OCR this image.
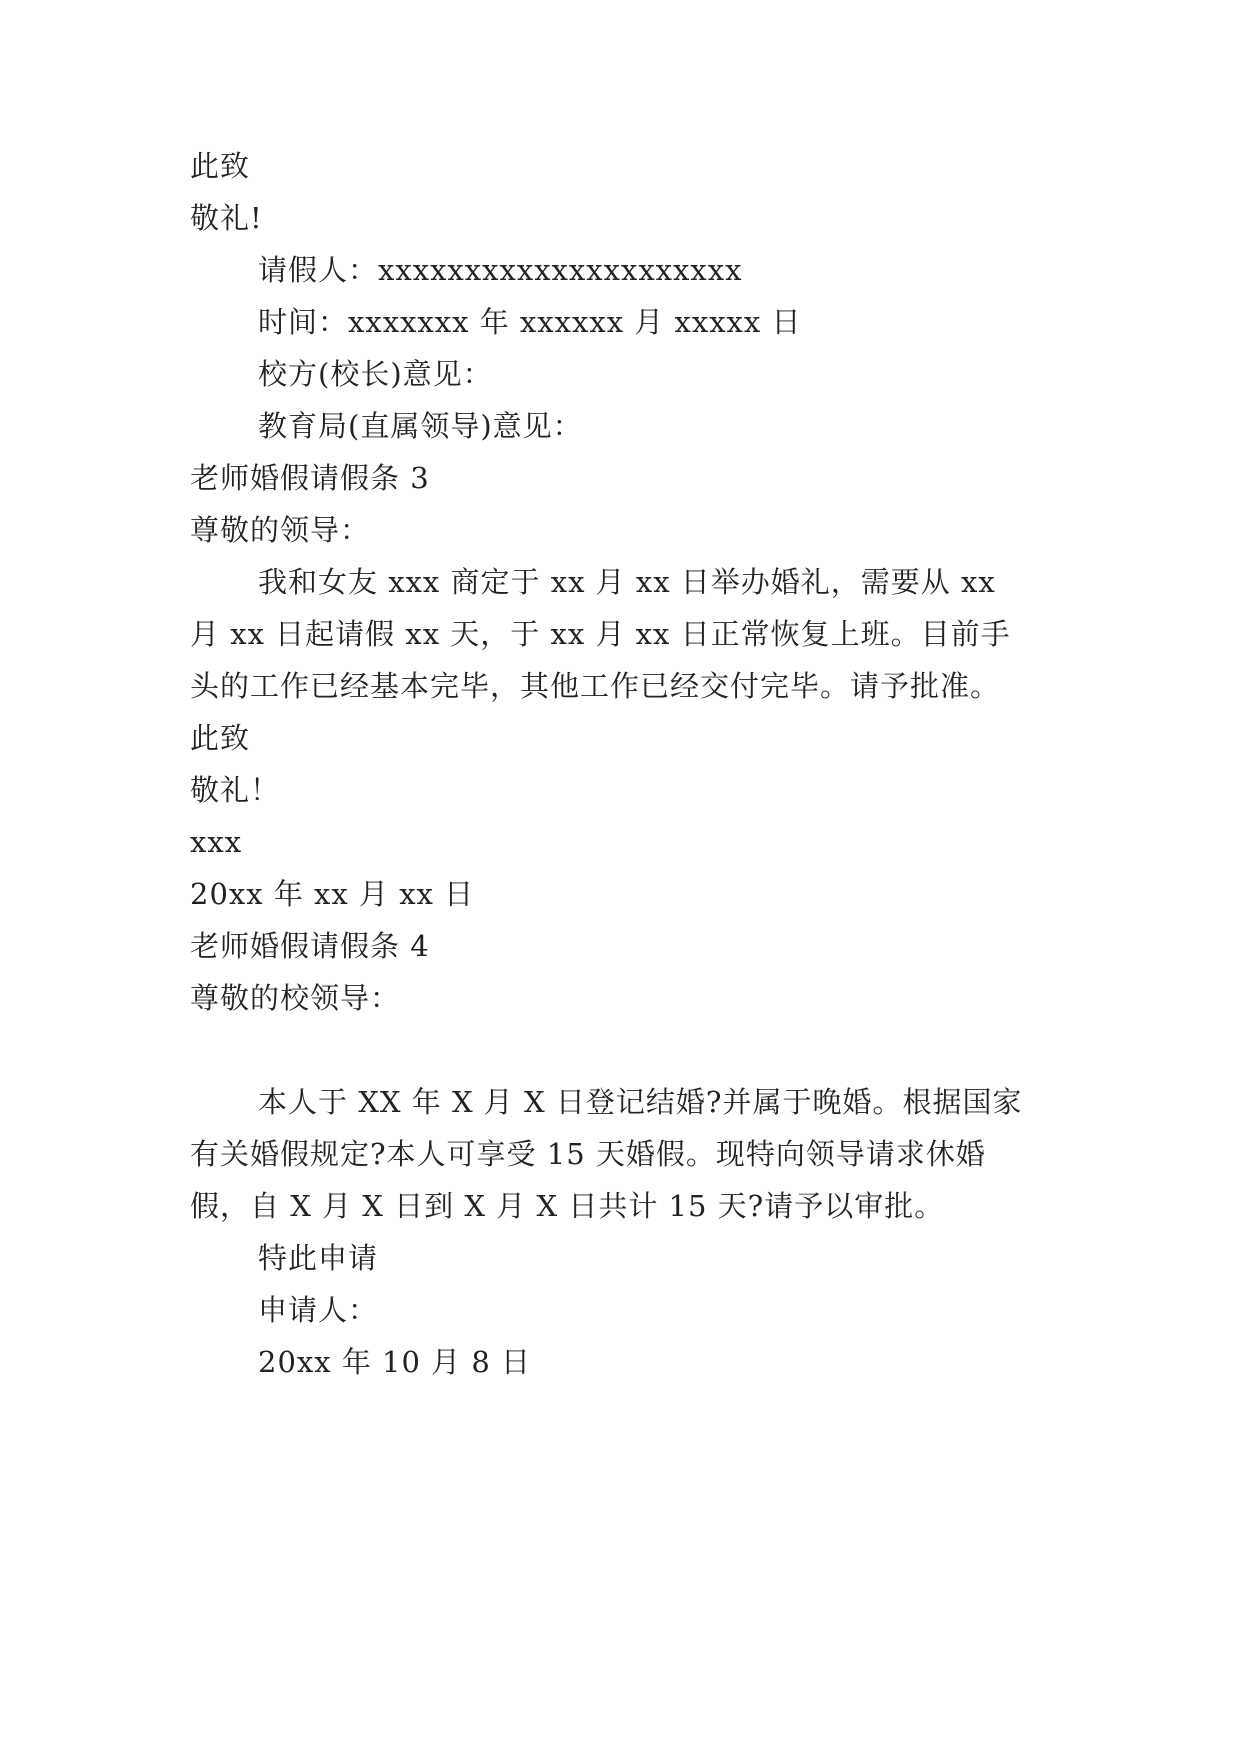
此致
敬礼!
请假人：xxxxxxxxxxxxxxxxxxxxx
时间：xxxxxxx 年 xxxxxx 月 xxxxx 日
校方(校长)意见：
教育局(直属领导)意见：
老师婚假请假条 3
尊敬的领导：
我和女友 xxx 商定于 xx 月 xx 日举办婚礼，需要从 xx
月 xx 日起请假 xx 天，于 xx 月 xx 日正常恢复上班。目前手
头的工作已经基本完毕，其他工作已经交付完毕。请予批准。
此致
敬礼！
xxx
20xx 年 xx 月 xx 日
老师婚假请假条 4
尊敬的校领导：
本人于 XX 年 X 月 X 日登记结婚?并属于晚婚。根据国家
有关婚假规定?本人可享受 15 天婚假。现特向领导请求休婚
假，自 X 月 X 日到 X 月 X 日共计 15 天?请予以审批。
特此申请
申请人：
20xx 年 10 月 8 日
